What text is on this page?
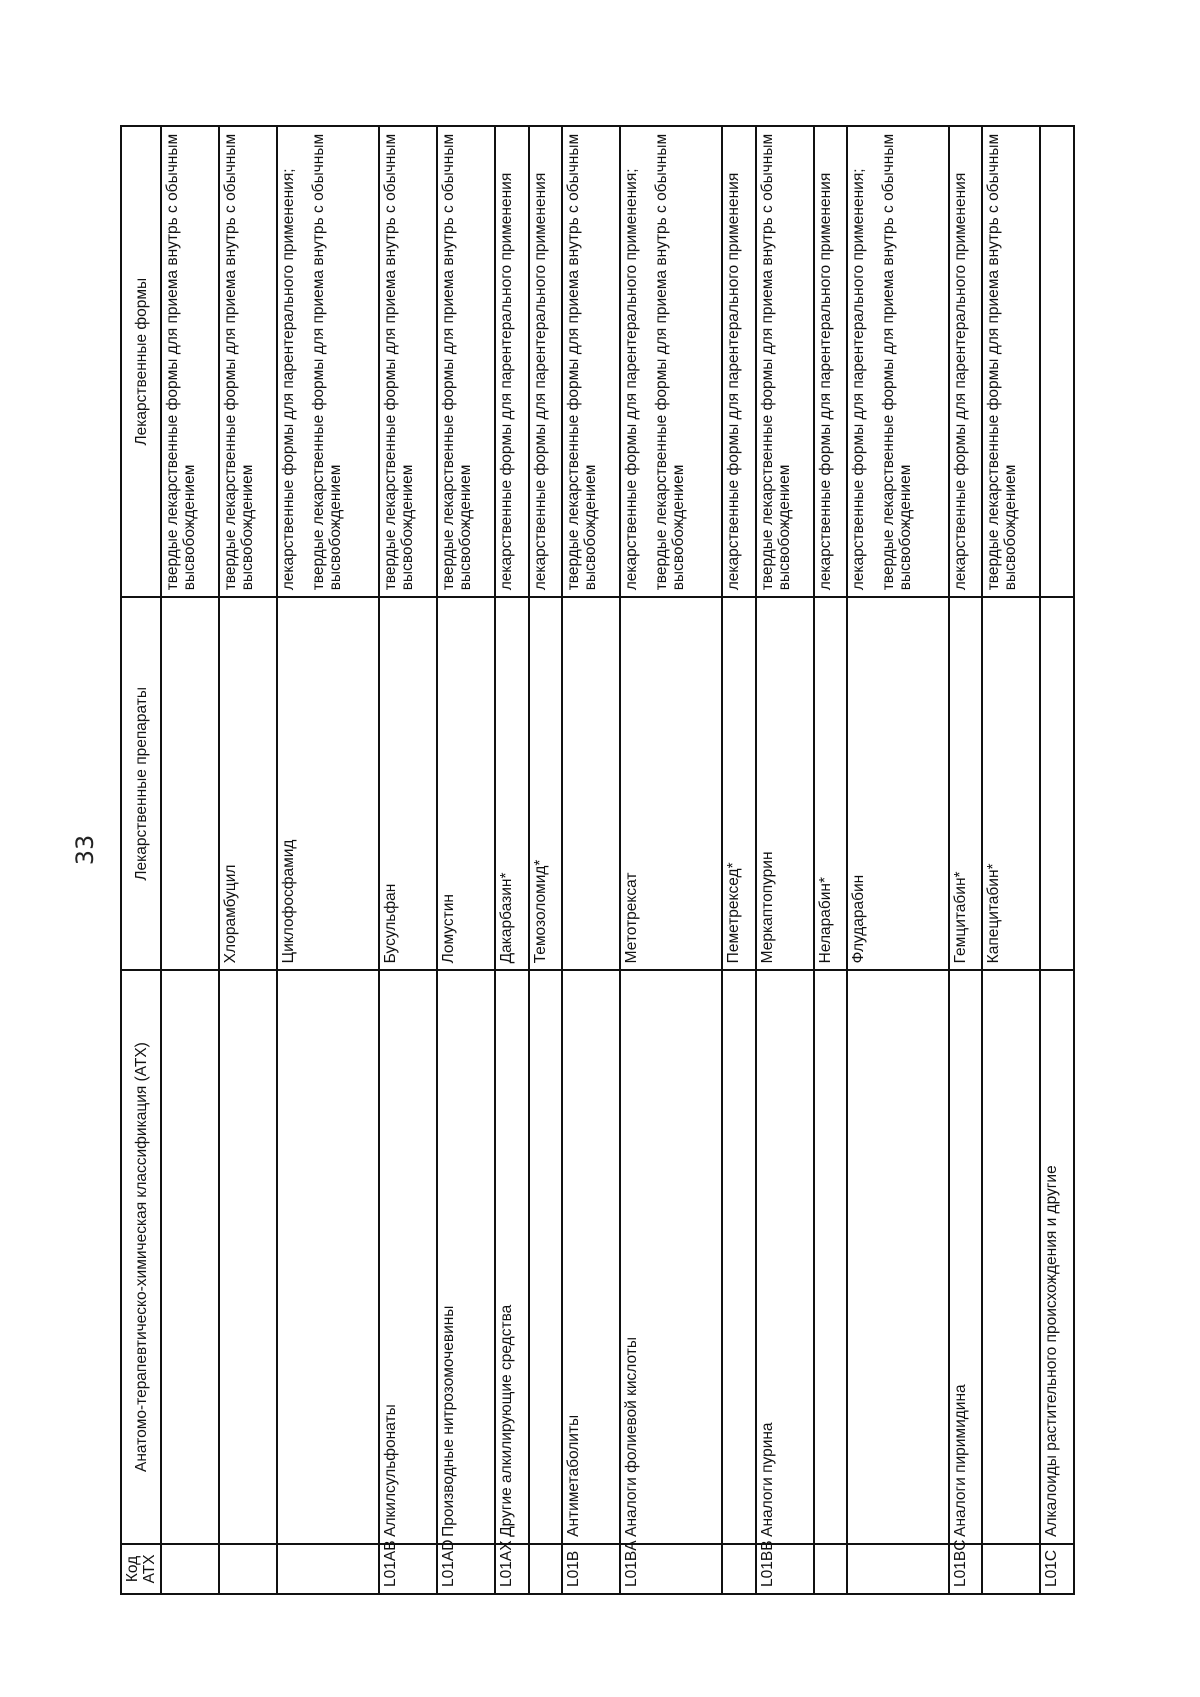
33
Код АТХ	Анатомо-терапевтическо-химическая классификация (АТХ)	Лекарственные препараты	Лекарственные формы

			твердые лекарственные формы для приема внутрь с обычным высвобождением

		Хлорамбуцил	твердые лекарственные формы для приема внутрь с обычным высвобождением

		Циклофосфамид	лекарственные формы для парентерального применения; твердые лекарственные формы для приема внутрь с обычным высвобождением

L01AB	Алкилсульфонаты	Бусульфан	твердые лекарственные формы для приема внутрь с обычным высвобождением

L01AD	Производные нитрозомочевины	Ломустин	твердые лекарственные формы для приема внутрь с обычным высвобождением

L01AX	Другие алкилирующие средства	Дакарбазин*	лекарственные формы для парентерального применения

		Темозоломид*	лекарственные формы для парентерального применения

L01B	Антиметаболиты		твердые лекарственные формы для приема внутрь с обычным высвобождением

L01BA	Аналоги фолиевой кислоты	Метотрексат	лекарственные формы для парентерального применения; твердые лекарственные формы для приема внутрь с обычным высвобождением

		Пеметрексед*	лекарственные формы для парентерального применения

L01BB	Аналоги пурина	Меркаптопурин	твердые лекарственные формы для приема внутрь с обычным высвобождением

		Неларабин*	лекарственные формы для парентерального применения

		Флударабин	лекарственные формы для парентерального применения; твердые лекарственные формы для приема внутрь с обычным высвобождением

L01BC	Аналоги пиримидина	Гемцитабин*	лекарственные формы для парентерального применения

		Капецитабин*	твердые лекарственные формы для приема внутрь с обычным высвобождением

L01C	Алкалоиды растительного происхождения и другие		
